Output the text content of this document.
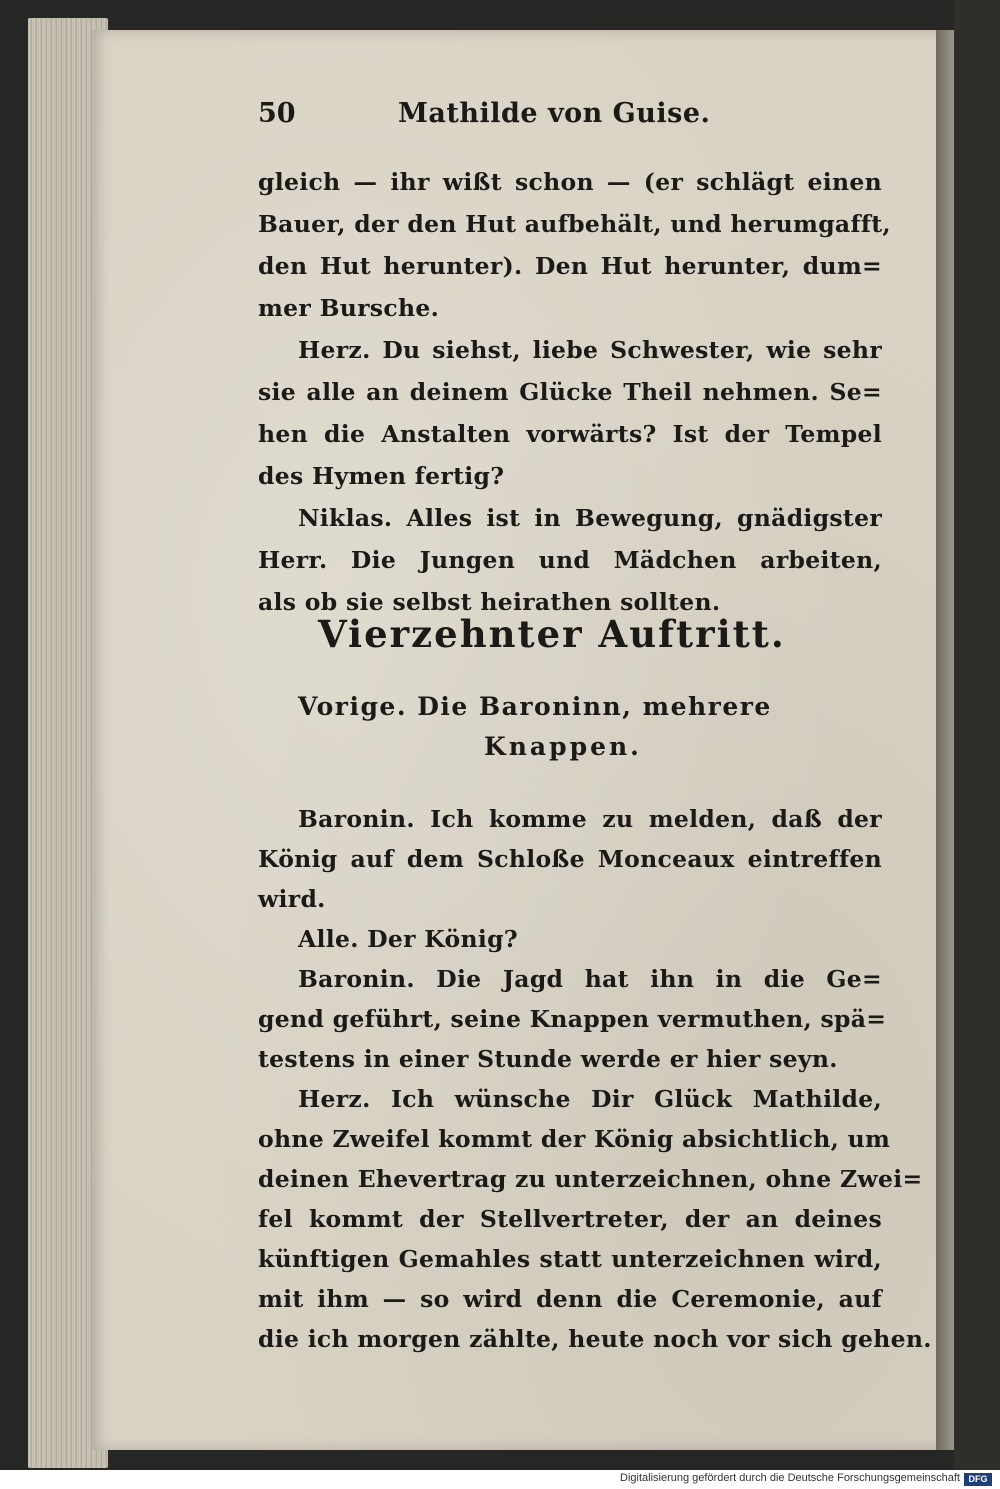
50	Mathilde von Guise.
gleich — ihr wißt schon — (er schlägt einen
Bauer, der den Hut aufbehält, und herumgafft,
den Hut herunter). Den Hut herunter, dum=
mer Bursche.
Herz. Du siehst, liebe Schwester, wie sehr
sie alle an deinem Glücke Theil nehmen. Se=
hen die Anstalten vorwärts? Ist der Tempel
des Hymen fertig?
Niklas. Alles ist in Bewegung, gnädigster
Herr. Die Jungen und Mädchen arbeiten,
als ob sie selbst heirathen sollten.
Vierzehnter Auftritt.
Vorige. Die Baroninn, mehrere
Knappen.
Baronin. Ich komme zu melden, daß der
König auf dem Schloße Monceaux eintreffen
wird.
Alle. Der König?
Baronin. Die Jagd hat ihn in die Ge=
gend geführt, seine Knappen vermuthen, spä=
testens in einer Stunde werde er hier seyn.
Herz. Ich wünsche Dir Glück Mathilde,
ohne Zweifel kommt der König absichtlich, um
deinen Ehevertrag zu unterzeichnen, ohne Zwei=
fel kommt der Stellvertreter, der an deines
künftigen Gemahles statt unterzeichnen wird,
mit ihm — so wird denn die Ceremonie, auf
die ich morgen zählte, heute noch vor sich gehen.
Digitalisierung gefördert durch die Deutsche Forschungsgemeinschaft DFG
